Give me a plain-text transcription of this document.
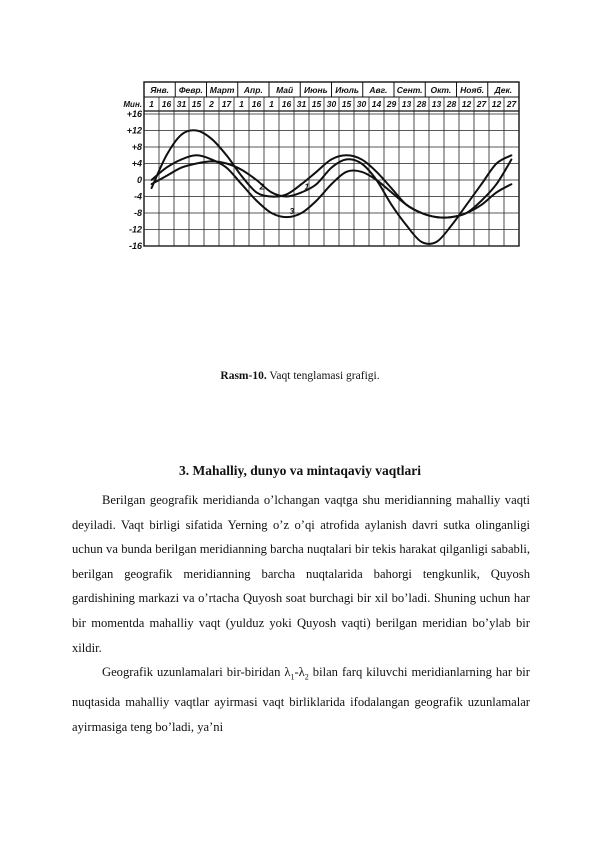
Янв. Февр. Март Апр. Май Июнь Июль Авг. Сент. Окт. Нояб. Дек.
1 16 31 15 2 17 1 16 1 16 31 15 30 15 30 14 29 13 28 13 28 12 27 12 27
+16
+12
+8
+4
0
-4
-8
-12
-16
Мин.
1
2
3
Rasm-10. Vaqt tenglamasi grafigi.
3. Mahalliy, dunyo va mintaqaviy vaqtlari

Berilgan geografik meridianda o’lchangan vaqtga shu meridianning mahalliy vaqti deyiladi. Vaqt birligi sifatida Yerning o’z o’qi atrofida aylanish davri sutka olinganligi uchun va bunda berilgan meridianning barcha nuqtalari bir tekis harakat qilganligi sababli, berilgan geografik meridianning barcha nuqtalarida bahorgi tengkunlik, Quyosh gardishining markazi va o’rtacha Quyosh soat burchagi bir xil bo’ladi. Shuning uchun har bir momentda mahalliy vaqt (yulduz yoki Quyosh vaqti) berilgan meridian bo’ylab bir xildir.

Geografik uzunlamalari bir-biridan $\lambda_1-\lambda_2$ bilan farq kiluvchi meridianlarning har bir nuqtasida mahalliy vaqtlar ayirmasi vaqt birliklarida ifodalangan geografik uzunlamalar ayirmasiga teng bo’ladi, ya’ni
